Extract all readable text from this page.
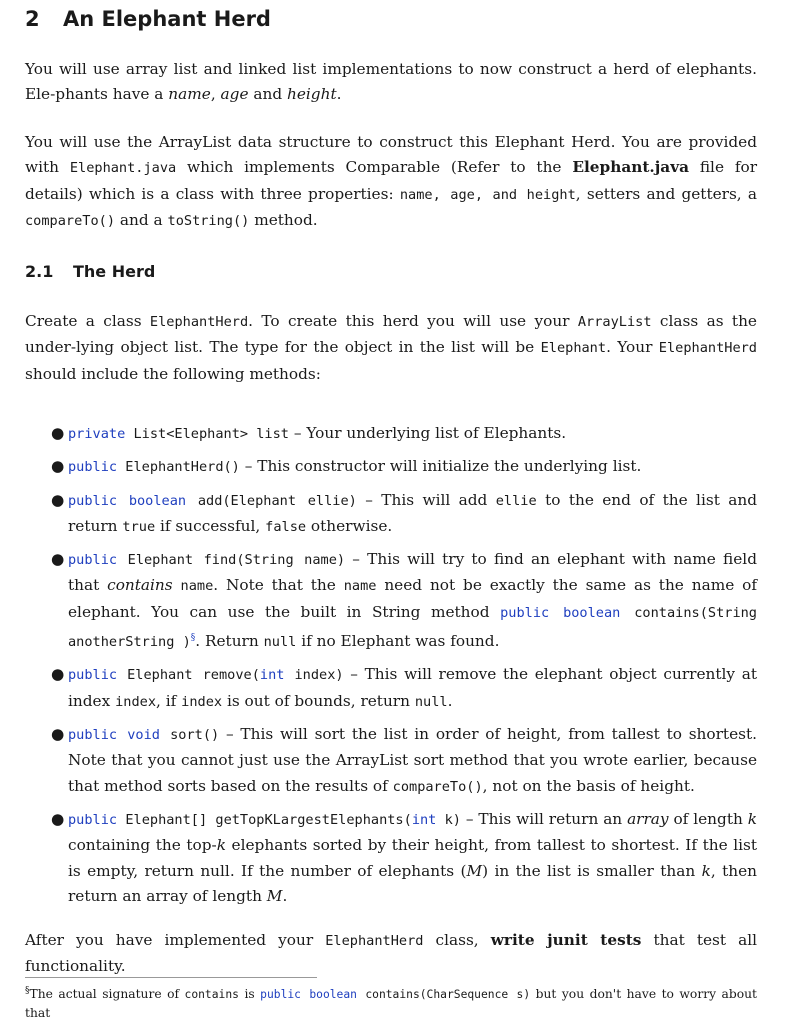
2 An Elephant Herd

You will use array list and linked list implementations to now construct a herd of elephants. Ele-phants have a name, age and height.

You will use the ArrayList data structure to construct this Elephant Herd. You are provided with Elephant.java which implements Comparable (Refer to the Elephant.java file for details) which is a class with three properties: name, age, and height, setters and getters, a compareTo() and a toString() method.

2.1 The Herd

Create a class ElephantHerd. To create this herd you will use your ArrayList class as the under-lying object list. The type for the object in the list will be Elephant. Your ElephantHerd should include the following methods:

● private List<Elephant> list – Your underlying list of Elephants.
● public ElephantHerd() – This constructor will initialize the underlying list.
● public boolean add(Elephant ellie) – This will add ellie to the end of the list and return true if successful, false otherwise.
● public Elephant find(String name) – This will try to find an elephant with name field that contains name. Note that the name need not be exactly the same as the name of elephant. You can use the built in String method public boolean contains(String anotherString )§. Return null if no Elephant was found.
● public Elephant remove(int index) – This will remove the elephant object currently at index index, if index is out of bounds, return null.
● public void sort() – This will sort the list in order of height, from tallest to shortest. Note that you cannot just use the ArrayList sort method that you wrote earlier, because that method sorts based on the results of compareTo(), not on the basis of height.
● public Elephant[] getTopKLargestElephants(int k) – This will return an array of length k containing the top-k elephants sorted by their height, from tallest to shortest. If the list is empty, return null. If the number of elephants (M) in the list is smaller than k, then return an array of length M.

After you have implemented your ElephantHerd class, write junit tests that test all functionality.

§The actual signature of contains is public boolean contains(CharSequence s) but you don't have to worry about that
